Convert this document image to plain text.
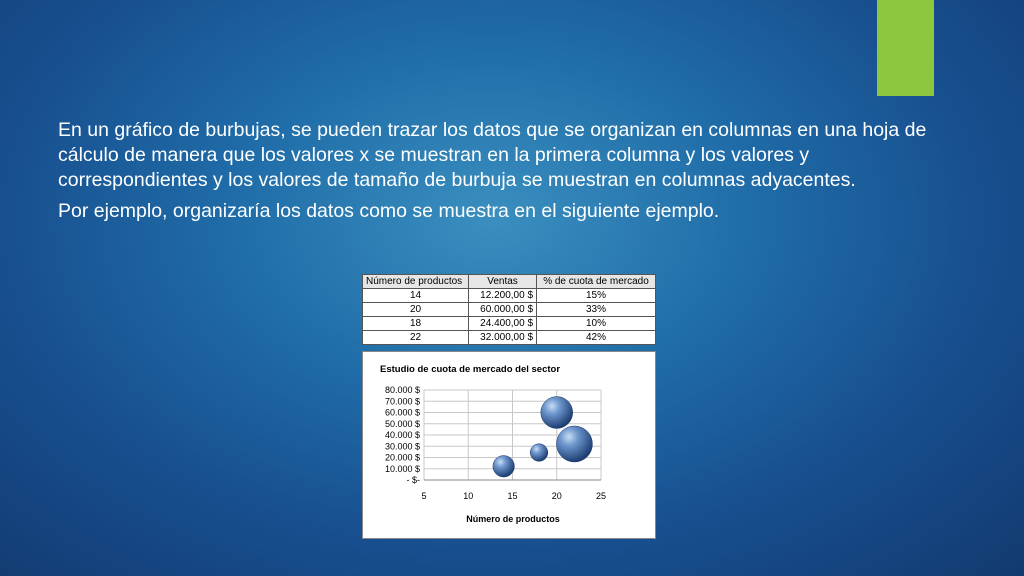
En un gráfico de burbujas, se pueden trazar los datos que se organizan en columnas en una hoja de cálculo de manera que los valores x se muestran en la primera columna y los valores y correspondientes y los valores de tamaño de burbuja se muestran en columnas adyacentes.

Por ejemplo, organizaría los datos como se muestra en el siguiente ejemplo.

Número de productos	Ventas	% de cuota de mercado
14	12.200,00 $	15%
20	60.000,00 $	33%
18	24.400,00 $	10%
22	32.000,00 $	42%
Estudio de cuota de mercado del sector
- $-
10.000 $
20.000 $
30.000 $
40.000 $
50.000 $
60.000 $
70.000 $
80.000 $
5	10	15	20	25
Número de productos
